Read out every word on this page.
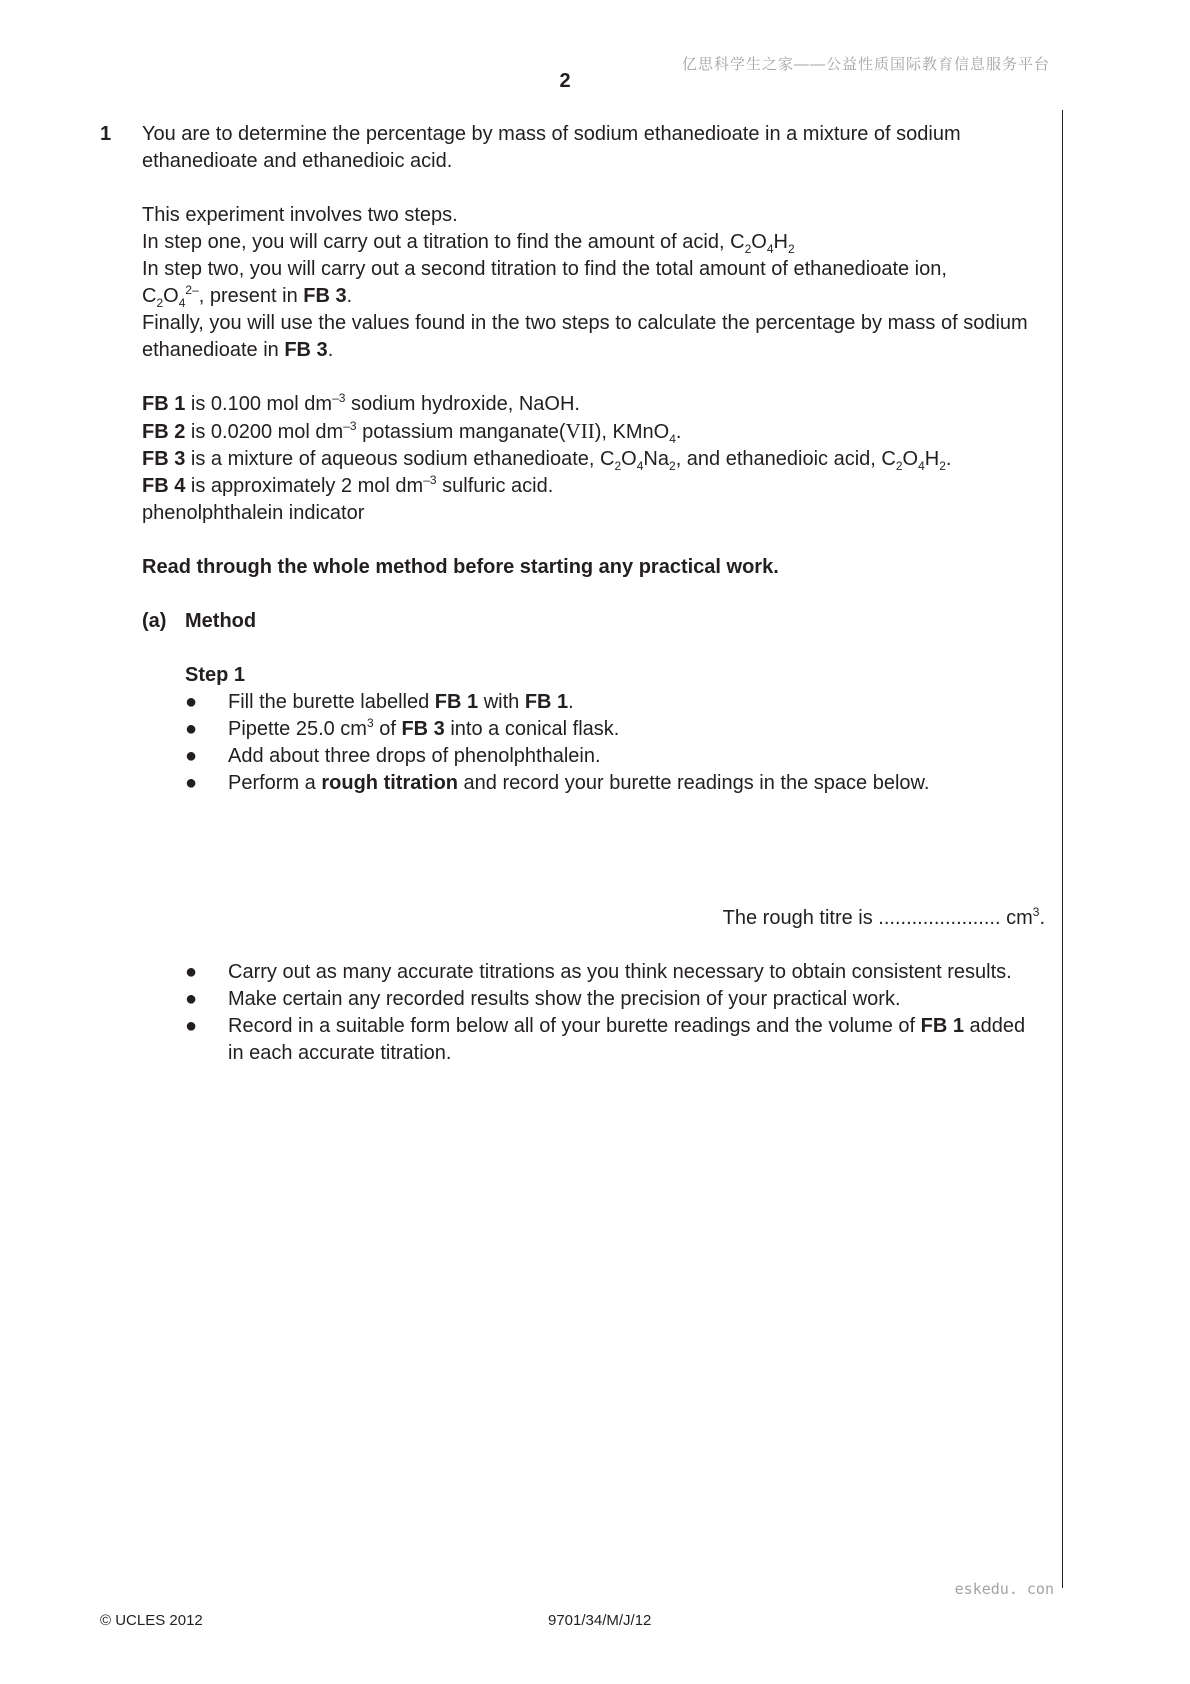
亿思科学生之家——公益性质国际教育信息服务平台
2
1 You are to determine the percentage by mass of sodium ethanedioate in a mixture of sodium ethanedioate and ethanedioic acid.

This experiment involves two steps.

In step one, you will carry out a titration to find the amount of acid, $C_2O_4H_2$

In step two, you will carry out a second titration to find the total amount of ethanedioate ion,

$C_2O_4^{2-}$, present in FB 3.

Finally, you will use the values found in the two steps to calculate the percentage by mass of sodium ethanedioate in FB 3.

FB 1 is 0.100 mol $dm^{-3}$ sodium hydroxide, NaOH.

FB 2 is 0.0200 mol $dm^{-3}$ potassium manganate(VII), KMnO$_4$.

FB 3 is a mixture of aqueous sodium ethanedioate, $C_2O_4Na_2$, and ethanedioic acid, $C_2O_4H_2$.

FB 4 is approximately 2 mol $dm^{-3}$ sulfuric acid.

phenolphthalein indicator

Read through the whole method before starting any practical work.

(a) Method

Step 1

●	Fill the burette labelled FB 1 with FB 1.
●	Pipette 25.0 $cm^3$ of FB 3 into a conical flask.
●	Add about three drops of phenolphthalein.
●	Perform a rough titration and record your burette readings in the space below.

The rough titre is ...................... $cm^3$.

●	Carry out as many accurate titrations as you think necessary to obtain consistent results.
●	Make certain any recorded results show the precision of your practical work.
●	Record in a suitable form below all of your burette readings and the volume of FB 1 added in each accurate titration.
eskedu. con
© UCLES 2012	9701/34/M/J/12
